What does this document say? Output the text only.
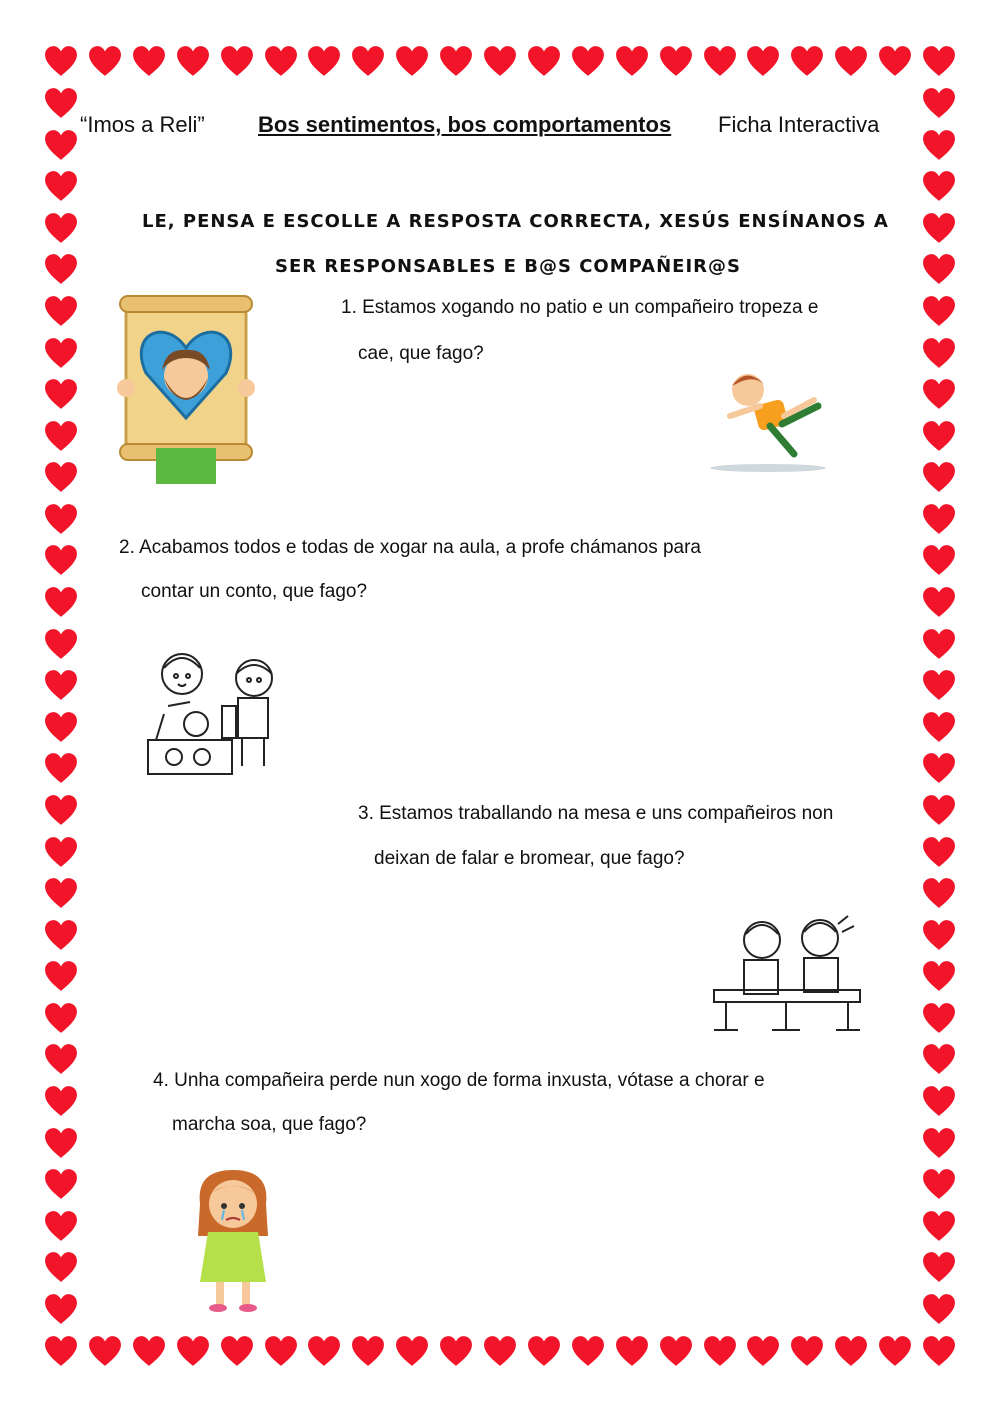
“Imos a Reli” Bos sentimentos, bos comportamentos Ficha Interactiva
LE, PENSA E ESCOLLE A RESPOSTA CORRECTA, XESÚS ENSÍNANOS A
SER RESPONSABLES E B@S COMPAÑEIR@S
1. Estamos xogando no patio e un compañeiro tropeza e
cae, que fago?
2. Acabamos todos e todas de xogar na aula, a profe chámanos para
contar un conto, que fago?
3. Estamos traballando na mesa e uns compañeiros non
deixan de falar e bromear, que fago?
4. Unha compañeira perde nun xogo de forma inxusta, vótase a chorar e
marcha soa, que fago?
